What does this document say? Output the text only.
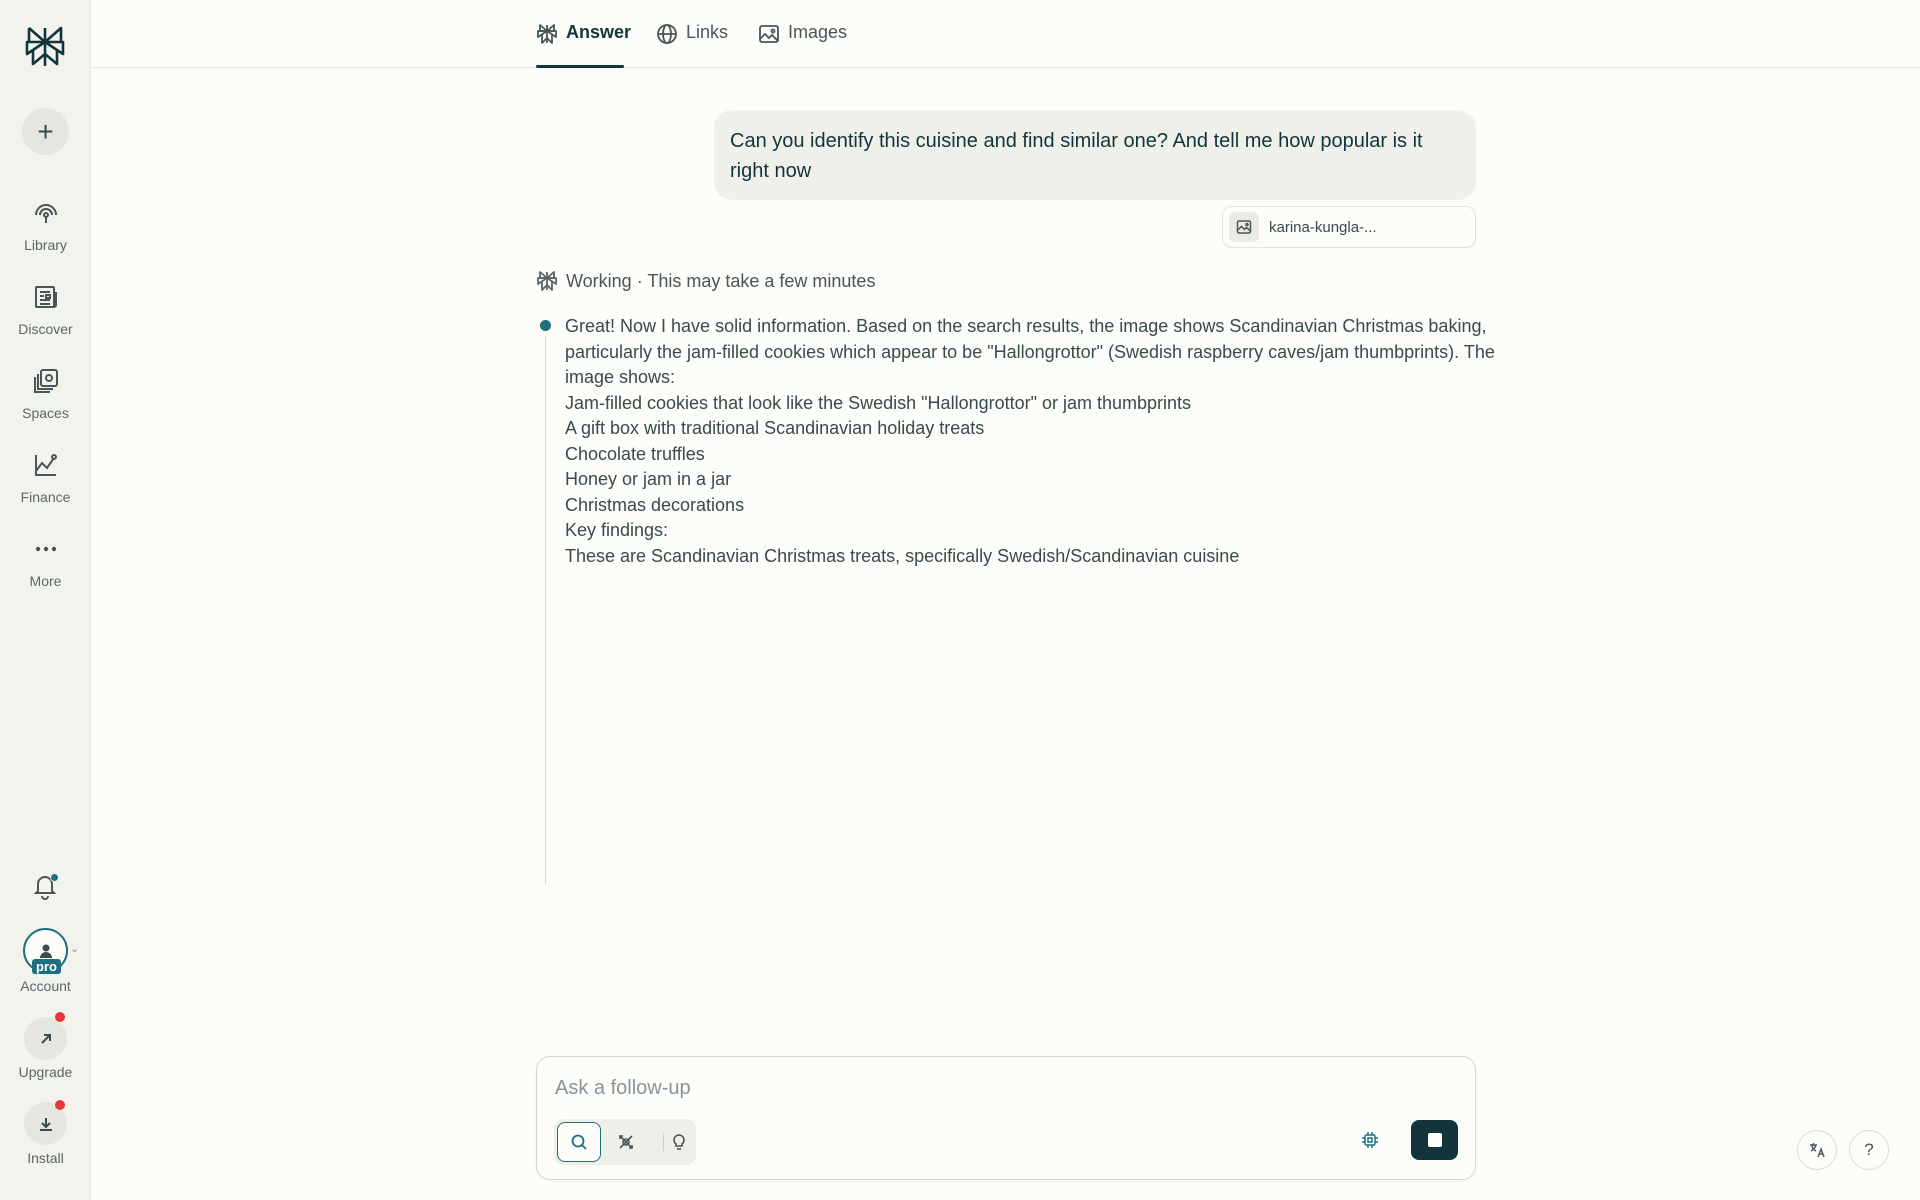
+
Library
Discover
Spaces
Finance
More
pro
⌄
Account
Upgrade
Install
Answer	Links	Images
Can you identify this cuisine and find similar one? And tell me how popular is it right now
karina-kungla-...
Working · This may take a few minutes
Great! Now I have solid information. Based on the search results, the image shows Scandinavian Christmas baking, particularly the jam-filled cookies which appear to be "Hallongrottor" (Swedish raspberry caves/jam thumbprints). The image shows:
Jam-filled cookies that look like the Swedish "Hallongrottor" or jam thumbprints
A gift box with traditional Scandinavian holiday treats
Chocolate truffles
Honey or jam in a jar
Christmas decorations
Key findings:
These are Scandinavian Christmas treats, specifically Swedish/Scandinavian cuisine
Ask a follow-up
?
